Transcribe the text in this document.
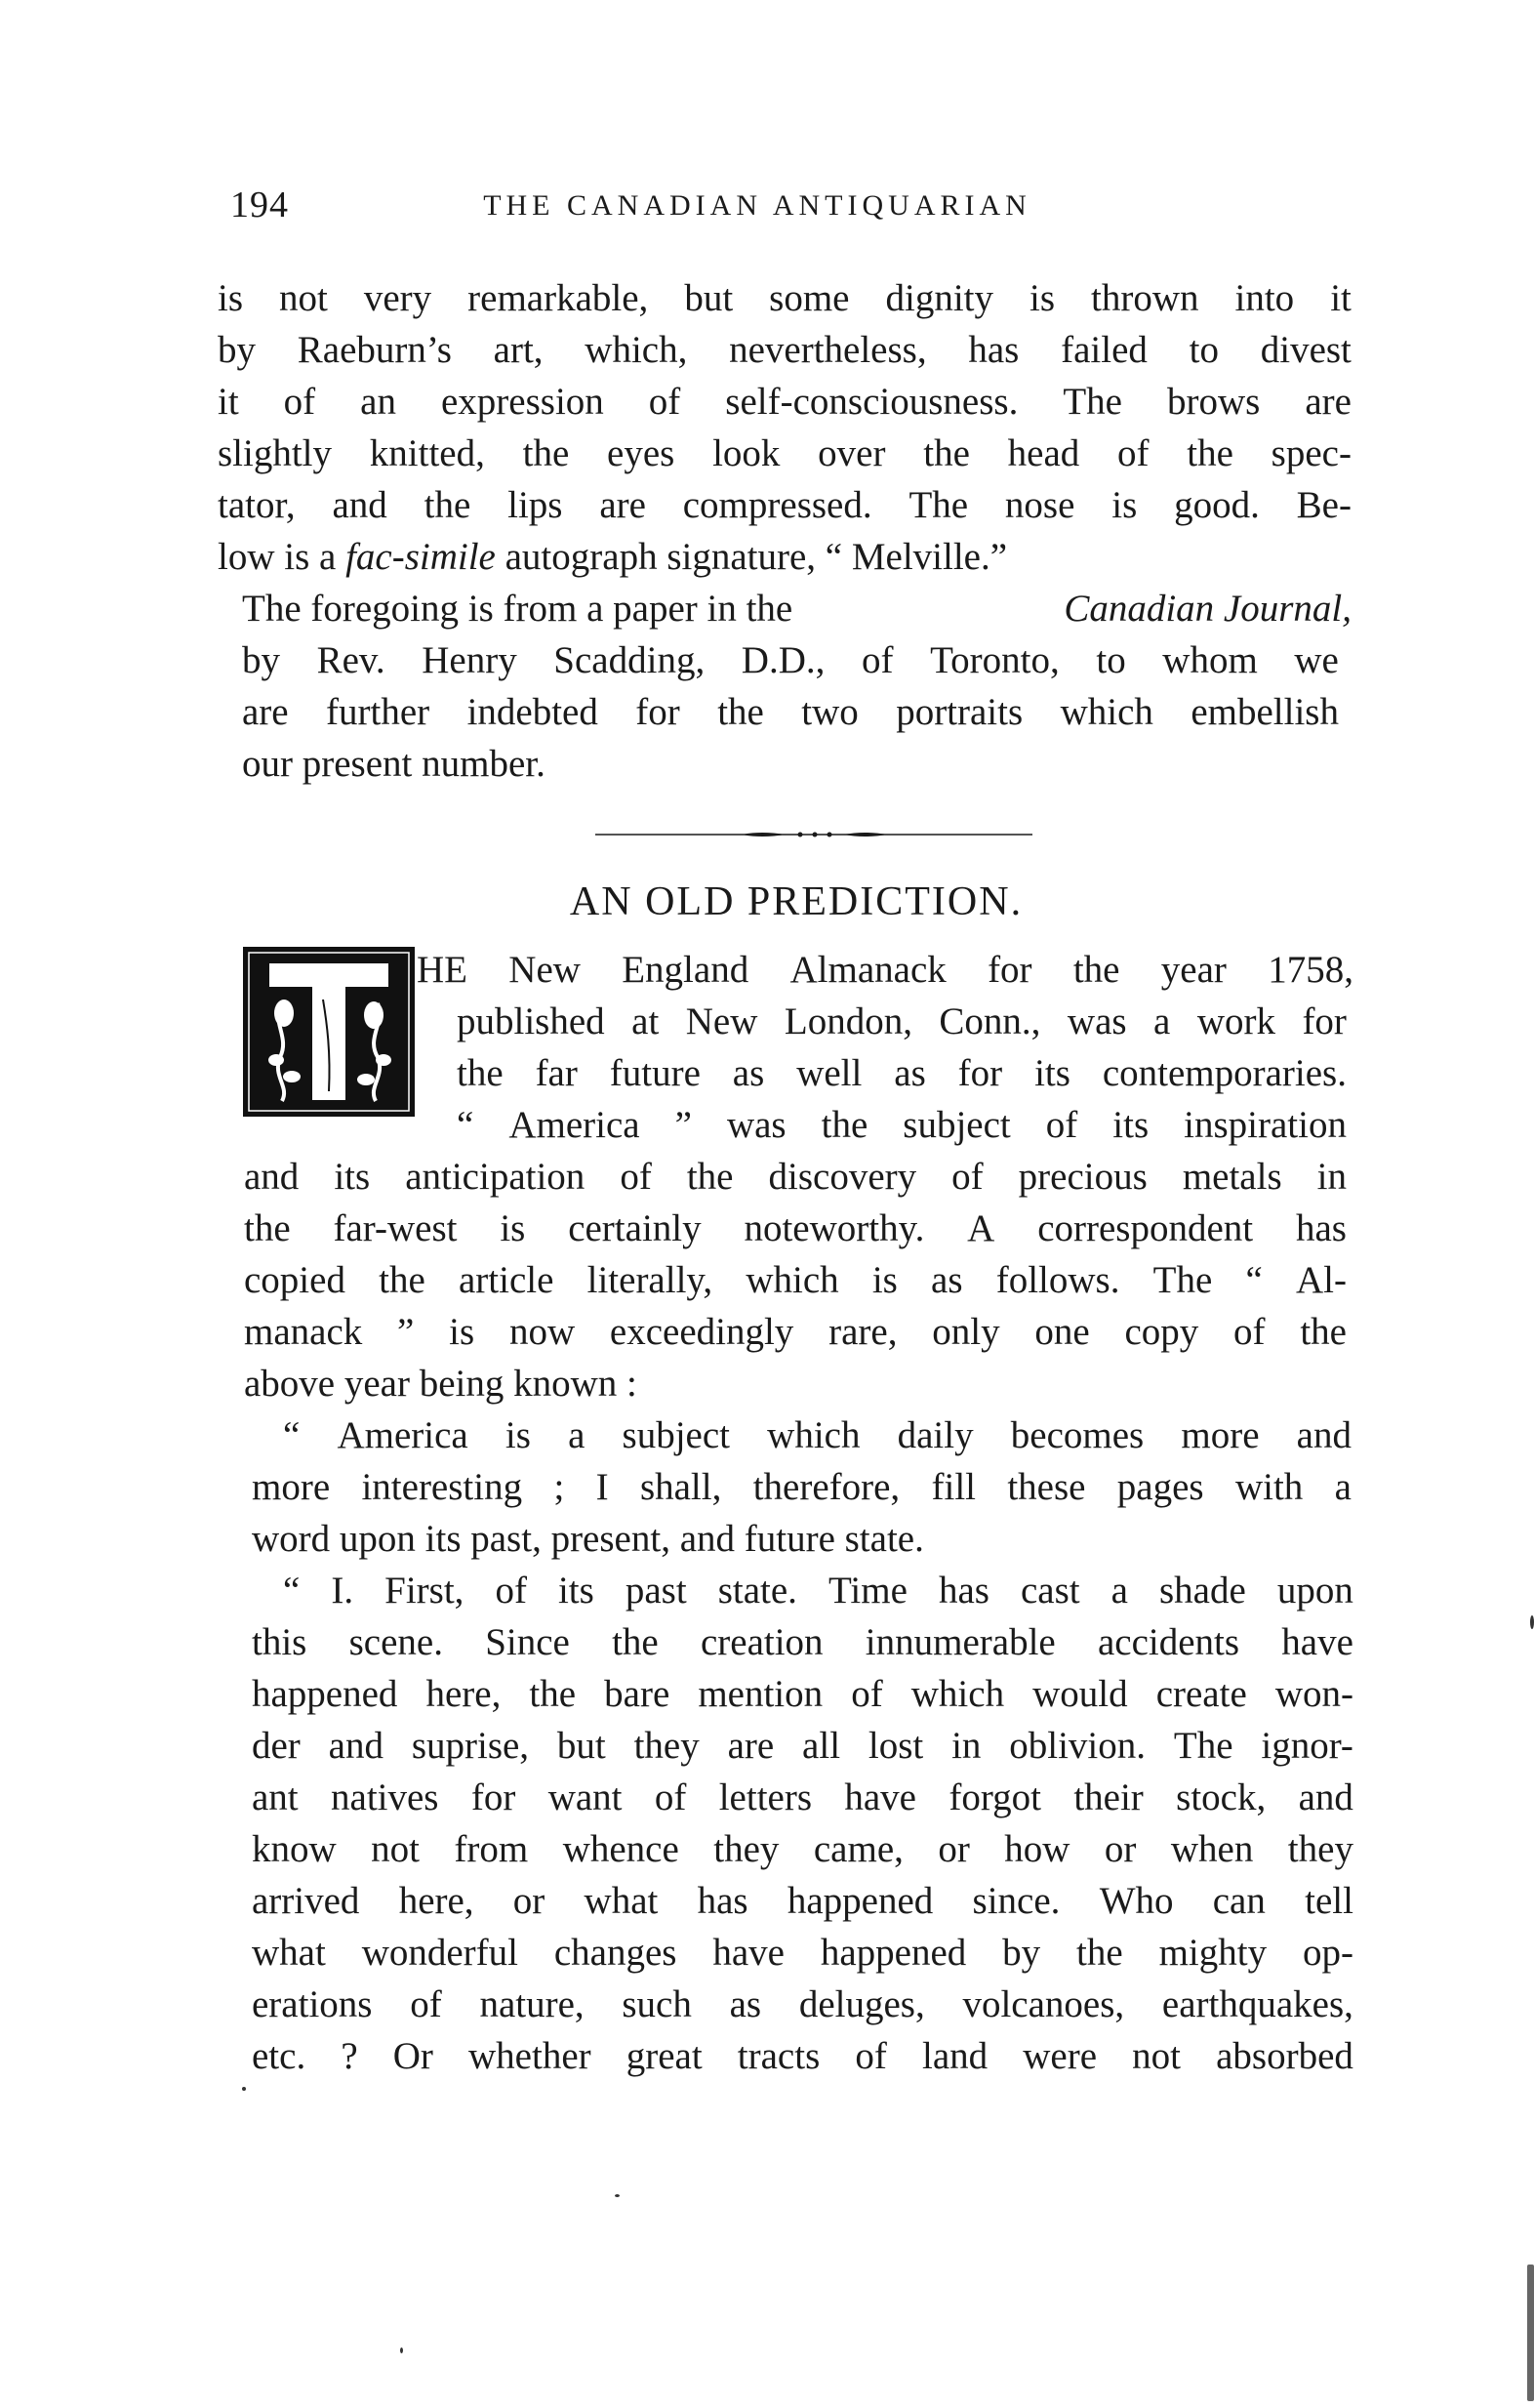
194	THE CANADIAN ANTIQUARIAN
is not very remarkable, but some dignity is thrown into it
by Raeburn’s art, which, nevertheless, has failed to divest
it of an expression of self-consciousness. The brows are
slightly knitted, the eyes look over the head of the spec-
tator, and the lips are compressed. The nose is good. Be-
low is a
fac-simile
autograph signature, “ Melville.”
The foregoing is from a paper in the	Canadian Journal,
by Rev. Henry Scadding, D.D., of Toronto, to whom we
are further indebted for the two portraits which embellish
our present number.
AN OLD PREDICTION.
HE New England Almanack for the year 1758,
published at New London, Conn., was a work for
the far future as well as for its contemporaries.
“ America ” was the subject of its inspiration
and its anticipation of the discovery of precious metals in
the far-west is certainly noteworthy. A correspondent has
copied the article literally, which is as follows. The “ Al-
manack ” is now exceedingly rare, only one copy of the
above year being known :
“ America is a subject which daily becomes more and
more interesting ; I shall, therefore, fill these pages with a
word upon its past, present, and future state.
“ I. First, of its past state. Time has cast a shade upon
this scene. Since the creation innumerable accidents have
happened here, the bare mention of which would create won-
der and suprise, but they are all lost in oblivion. The ignor-
ant natives for want of letters have forgot their stock, and
know not from whence they came, or how or when they
arrived here, or what has happened since. Who can tell
what wonderful changes have happened by the mighty op-
erations of nature, such as deluges, volcanoes, earthquakes,
etc. ? Or whether great tracts of land were not absorbed
